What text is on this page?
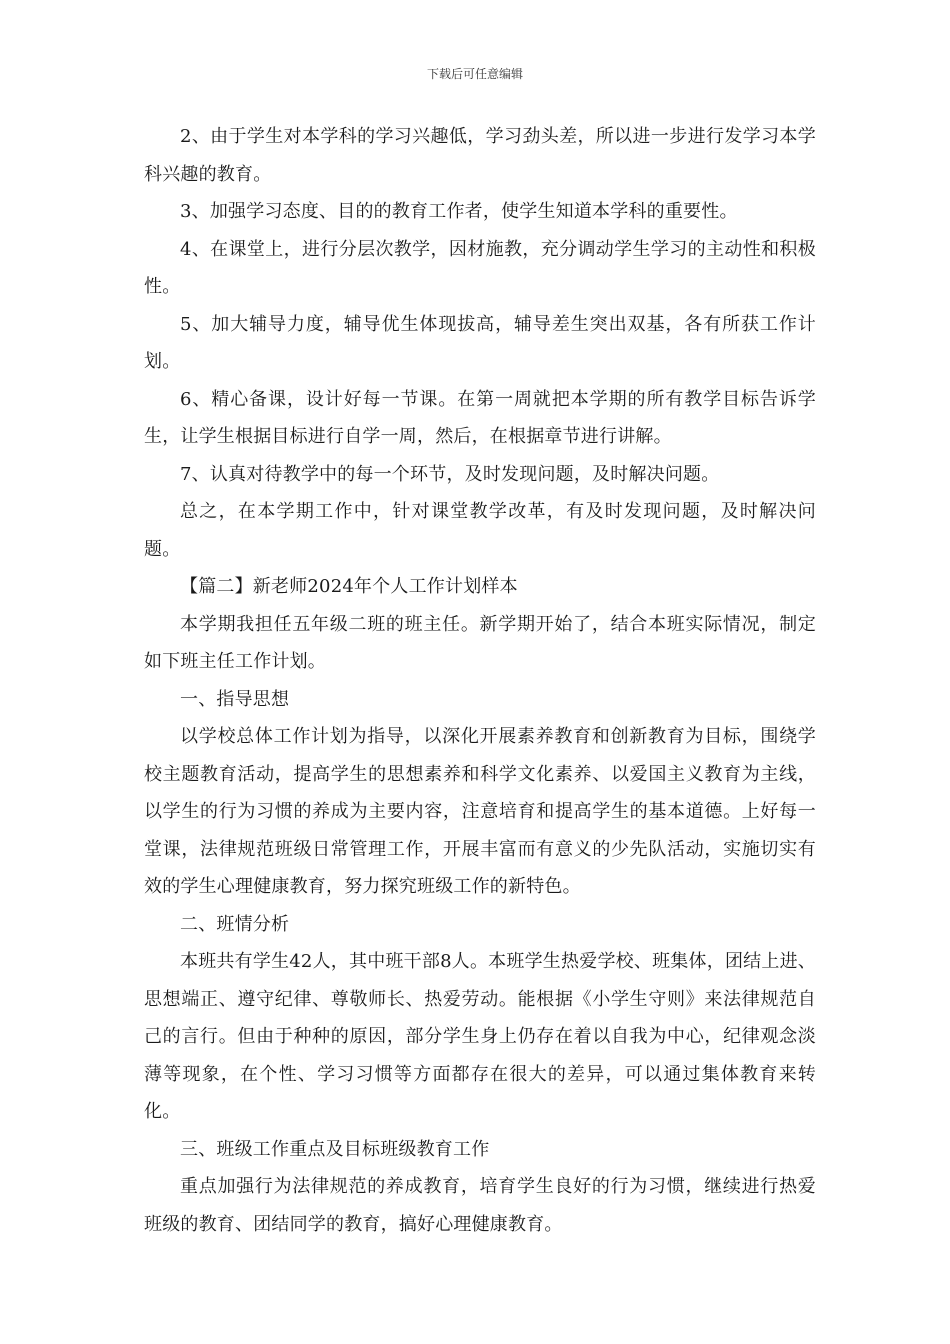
下载后可任意编辑

2、由于学生对本学科的学习兴趣低，学习劲头差，所以进一步进行发学习本学科兴趣的教育。

3、加强学习态度、目的的教育工作者，使学生知道本学科的重要性。

4、在课堂上，进行分层次教学，因材施教，充分调动学生学习的主动性和积极性。

5、加大辅导力度，辅导优生体现拔高，辅导差生突出双基，各有所获工作计划。

6、精心备课，设计好每一节课。在第一周就把本学期的所有教学目标告诉学生，让学生根据目标进行自学一周，然后，在根据章节进行讲解。

7、认真对待教学中的每一个环节，及时发现问题，及时解决问题。

总之，在本学期工作中，针对课堂教学改革，有及时发现问题，及时解决问题。

【篇二】新老师2024年个人工作计划样本

本学期我担任五年级二班的班主任。新学期开始了，结合本班实际情况，制定如下班主任工作计划。

一、指导思想

以学校总体工作计划为指导，以深化开展素养教育和创新教育为目标，围绕学校主题教育活动，提高学生的思想素养和科学文化素养、以爱国主义教育为主线，以学生的行为习惯的养成为主要内容，注意培育和提高学生的基本道德。上好每一堂课，法律规范班级日常管理工作，开展丰富而有意义的少先队活动，实施切实有效的学生心理健康教育，努力探究班级工作的新特色。

二、班情分析

本班共有学生42人，其中班干部8人。本班学生热爱学校、班集体，团结上进、思想端正、遵守纪律、尊敬师长、热爱劳动。能根据《小学生守则》来法律规范自己的言行。但由于种种的原因，部分学生身上仍存在着以自我为中心，纪律观念淡薄等现象，在个性、学习习惯等方面都存在很大的差异，可以通过集体教育来转化。

三、班级工作重点及目标班级教育工作

重点加强行为法律规范的养成教育，培育学生良好的行为习惯，继续进行热爱班级的教育、团结同学的教育，搞好心理健康教育。
